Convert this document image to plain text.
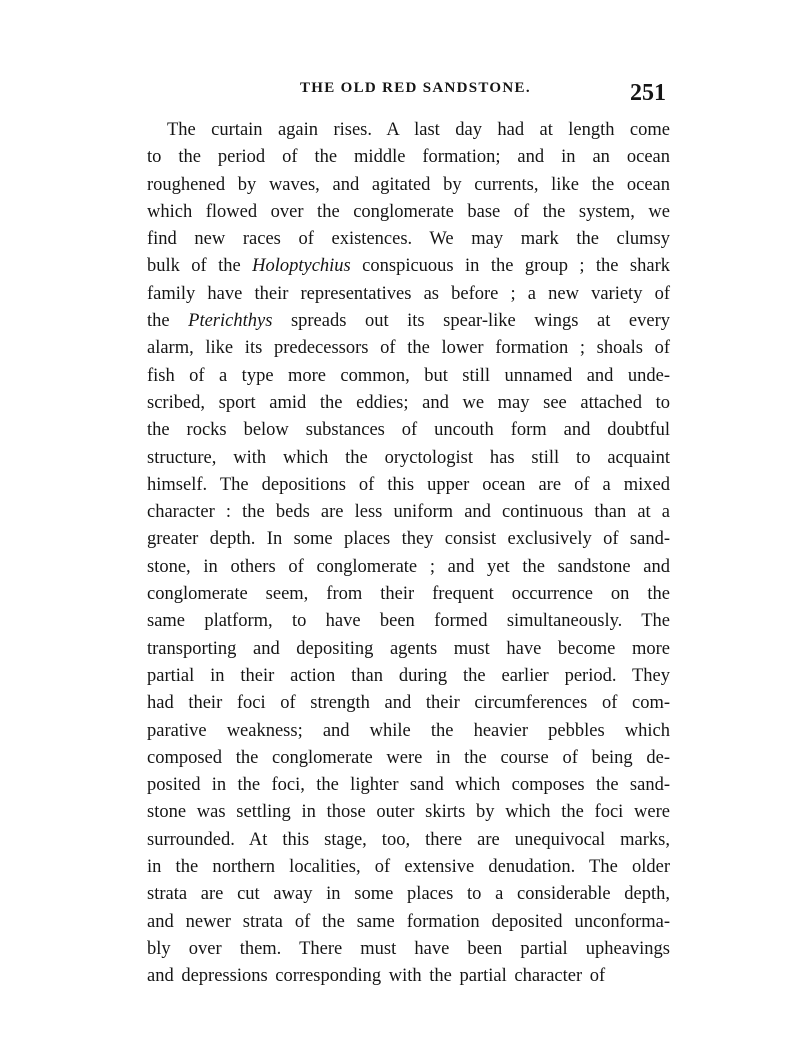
THE OLD RED SANDSTONE.	251
The curtain again rises. A last day had at length come
to the period of the middle formation; and in an ocean
roughened by waves, and agitated by currents, like the ocean
which flowed over the conglomerate base of the system, we
find new races of existences. We may mark the clumsy
bulk of the Holoptychius conspicuous in the group ; the shark
family have their representatives as before ; a new variety of
the Pterichthys spreads out its spear-like wings at every
alarm, like its predecessors of the lower formation ; shoals of
fish of a type more common, but still unnamed and unde-
scribed, sport amid the eddies; and we may see attached to
the rocks below substances of uncouth form and doubtful
structure, with which the oryctologist has still to acquaint
himself. The depositions of this upper ocean are of a mixed
character : the beds are less uniform and continuous than at a
greater depth. In some places they consist exclusively of sand-
stone, in others of conglomerate ; and yet the sandstone and
conglomerate seem, from their frequent occurrence on the
same platform, to have been formed simultaneously. The
transporting and depositing agents must have become more
partial in their action than during the earlier period. They
had their foci of strength and their circumferences of com-
parative weakness; and while the heavier pebbles which
composed the conglomerate were in the course of being de-
posited in the foci, the lighter sand which composes the sand-
stone was settling in those outer skirts by which the foci were
surrounded. At this stage, too, there are unequivocal marks,
in the northern localities, of extensive denudation. The older
strata are cut away in some places to a considerable depth,
and newer strata of the same formation deposited unconforma-
bly over them. There must have been partial upheavings
and depressions corresponding with the partial character of
